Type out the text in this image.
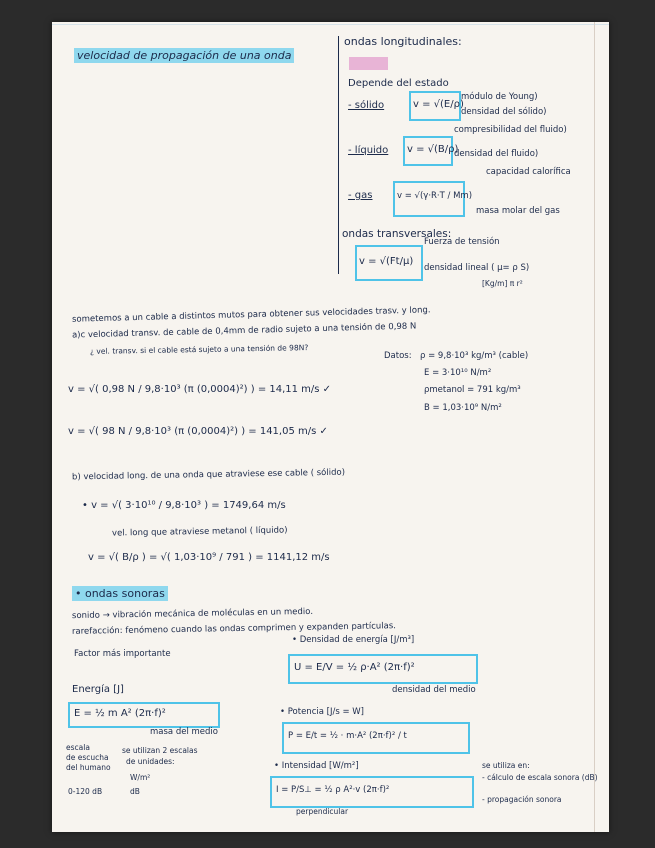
velocidad de propagación de una onda
ondas longitudinales:

Depende del estado
- sólido	v = √(E/ρ)
módulo de Young)
densidad del sólido)
- líquido v = √(B/ρ)
compresibilidad del fluido)
densidad del fluido)
- gas	v = √(γ·R·T / Mm)
capacidad calorífica
masa molar del gas
ondas transversales:
v = √(Ft/μ)
Fuerza de tensión
densidad lineal ( μ= ρ S)
[Kg/m] π r²
sometemos a un cable a distintos mutos para obtener sus velocidades trasv. y long.
a)c velocidad transv. de cable de 0,4mm de radio sujeto a una tensión de 0,98 N
¿ vel. transv. si el cable está sujeto a una tensión de 98N?
Datos: ρ = 9,8·10³ kg/m³ (cable)
E = 3·10¹⁰ N/m²
ρmetanol = 791 kg/m³
B = 1,03·10⁹ N/m²
v = √( 0,98 N / 9,8·10³ (π (0,0004)²) ) = 14,11 m/s ✓
v = √( 98 N / 9,8·10³ (π (0,0004)²) ) = 141,05 m/s ✓
b) velocidad long. de una onda que atraviese ese cable ( sólido)
• v = √( 3·10¹⁰ / 9,8·10³ ) = 1749,64 m/s
vel. long que atraviese metanol ( líquido)
v = √( B/ρ ) = √( 1,03·10⁹ / 791 ) = 1141,12 m/s
• ondas sonoras
sonido → vibración mecánica de moléculas en un medio.
rarefacción: fenómeno cuando las ondas comprimen y expanden partículas.
Factor más importante
• Densidad de energía [J/m³]
U = E/V = ½ ρ·A² (2π·f)²
densidad del medio
Energía [J]
E = ½ m A² (2π·f)²
masa del medio
• Potencia [J/s = W]
P = E/t = ½ · m·A² (2π·f)² / t
escala
de escucha
del humano
se utilizan 2 escalas
de unidades:
W/m²
dB
0-120 dB
• Intensidad [W/m²]
I = P/S⊥ = ½ ρ A²·v (2π·f)²
perpendicular
se utiliza en:
- cálculo de escala sonora (dB)
- propagación sonora
